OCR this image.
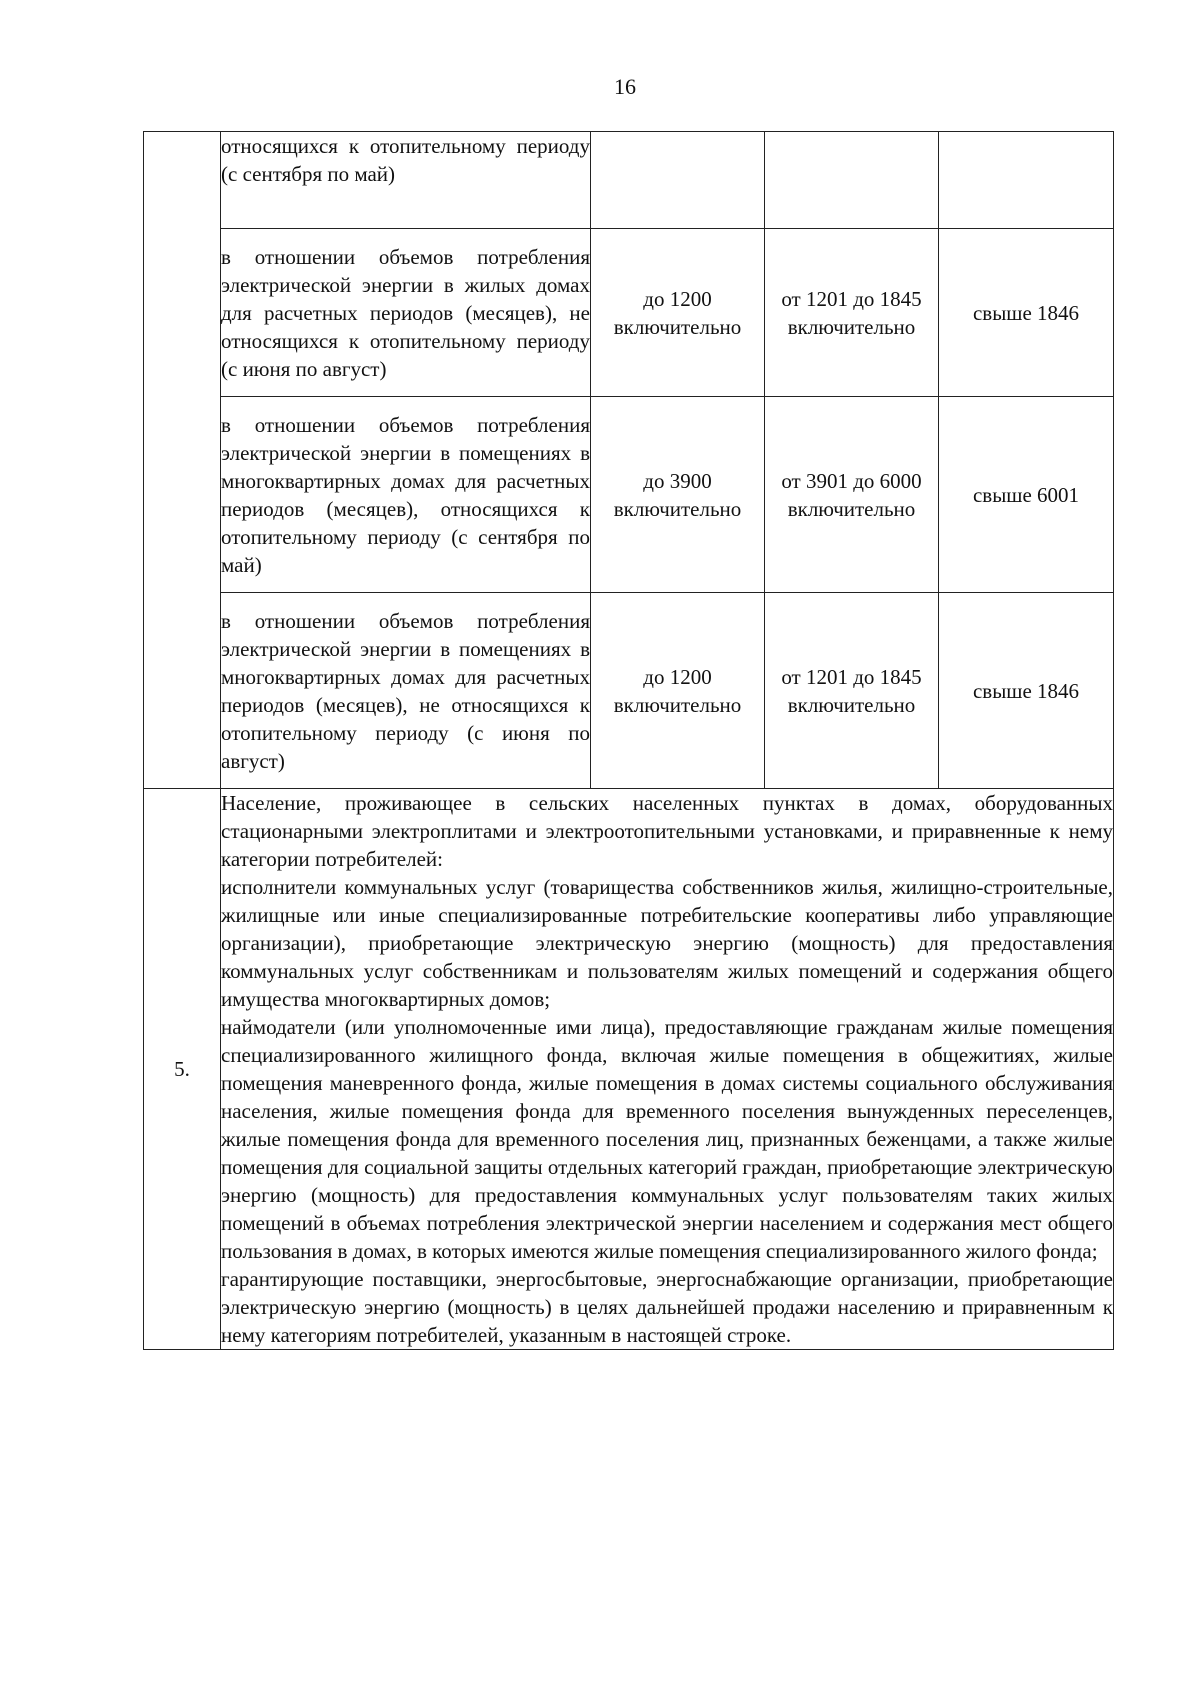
16
	относящихся к отопительному периоду (с сентября по май)			
	в отношении объемов потребления электрической энергии в жилых домах для расчетных периодов (месяцев), не относящихся к отопительному периоду (с июня по август)	до 1200 включительно	от 1201 до 1845 включительно	свыше 1846
	в отношении объемов потребления электрической энергии в помещениях в многоквартирных домах для расчетных периодов (месяцев), относящихся к отопительному периоду (с сентября по май)	до 3900 включительно	от 3901 до 6000 включительно	свыше 6001
	в отношении объемов потребления электрической энергии в помещениях в многоквартирных домах для расчетных периодов (месяцев), не относящихся к отопительному периоду (с июня по август)	до 1200 включительно	от 1201 до 1845 включительно	свыше 1846
5.	Население, проживающее в сельских населенных пунктах в домах, оборудованных стационарными электроплитами и электроотопительными установками, и приравненные к нему категории потребителей:
исполнители коммунальных услуг (товарищества собственников жилья, жилищно-строительные, жилищные или иные специализированные потребительские кооперативы либо управляющие организации), приобретающие электрическую энергию (мощность) для предоставления коммунальных услуг собственникам и пользователям жилых помещений и содержания общего имущества многоквартирных домов;
наймодатели (или уполномоченные ими лица), предоставляющие гражданам жилые помещения специализированного жилищного фонда, включая жилые помещения в общежитиях, жилые помещения маневренного фонда, жилые помещения в домах системы социального обслуживания населения, жилые помещения фонда для временного поселения вынужденных переселенцев, жилые помещения фонда для временного поселения лиц, признанных беженцами, а также жилые помещения для социальной защиты отдельных категорий граждан, приобретающие электрическую энергию (мощность) для предоставления коммунальных услуг пользователям таких жилых помещений в объемах потребления электрической энергии населением и содержания мест общего пользования в домах, в которых имеются жилые помещения специализированного жилого фонда;
гарантирующие поставщики, энергосбытовые, энергоснабжающие организации, приобретающие электрическую энергию (мощность) в целях дальнейшей продажи населению и приравненным к нему категориям потребителей, указанным в настоящей строке.			
